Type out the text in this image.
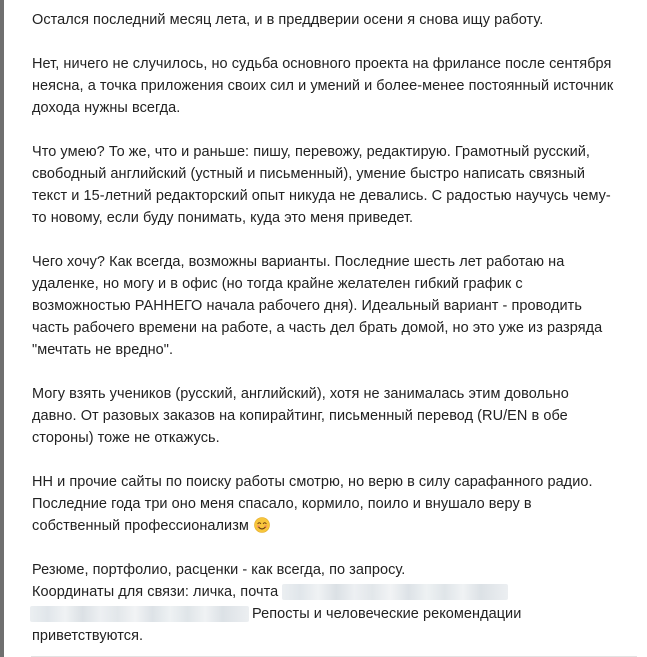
Остался последний месяц лета, и в преддверии осени я снова ищу работу.

Нет, ничего не случилось, но судьба основного проекта на фрилансе после сентября
неясна, а точка приложения своих сил и умений и более-менее постоянный источник
дохода нужны всегда.

Что умею? То же, что и раньше: пишу, перевожу, редактирую. Грамотный русский,
свободный английский (устный и письменный), умение быстро написать связный
текст и 15-летний редакторский опыт никуда не девались. С радостью научусь чему-
то новому, если буду понимать, куда это меня приведет.

Чего хочу? Как всегда, возможны варианты. Последние шесть лет работаю на
удаленке, но могу и в офис (но тогда крайне желателен гибкий график с
возможностью РАННЕГО начала рабочего дня). Идеальный вариант - проводить
часть рабочего времени на работе, а часть дел брать домой, но это уже из разряда
"мечтать не вредно".

Могу взять учеников (русский, английский), хотя не занималась этим довольно
давно. От разовых заказов на копирайтинг, письменный перевод (RU/EN в обе
стороны) тоже не откажусь.

НН и прочие сайты по поиску работы смотрю, но верю в силу сарафанного радио.
Последние года три оно меня спасало, кормило, поило и внушало веру в
собственный профессионализм

Резюме, портфолио, расценки - как всегда, по запросу.
Координаты для связи: личка, почта
Репосты и человеческие рекомендации
приветствуются.
